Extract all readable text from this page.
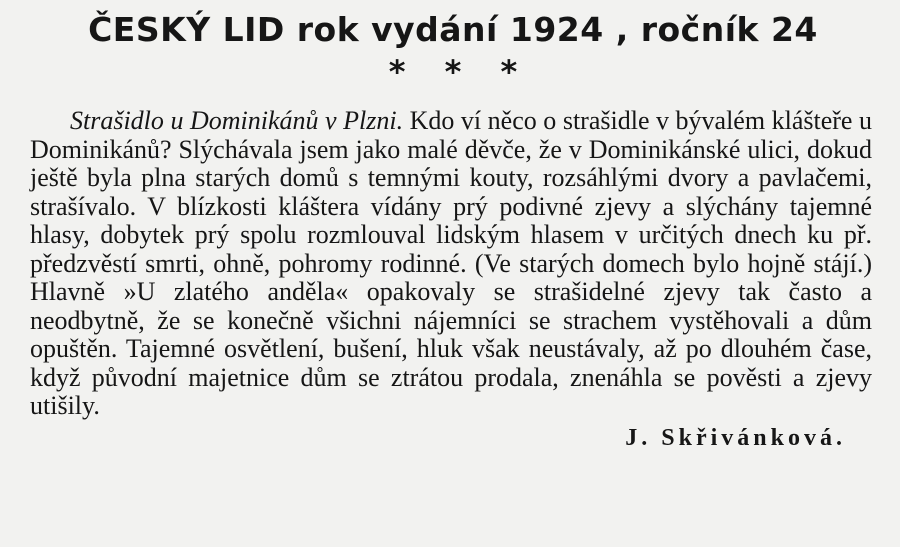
ČESKÝ LID rok vydání 1924 , ročník 24
* * *
Strašidlo u Dominikánů v Plzni. Kdo ví něco o strašidle v bývalém klášteře u Dominikánů? Slýchávala jsem jako malé děvče, že v Dominikánské ulici, dokud ještě byla plna starých domů s temnými kouty, rozsáhlými dvory a pavlačemi, strašívalo. V blízkosti kláštera vídány prý podivné zjevy a slýchány tajemné hlasy, dobytek prý spolu rozmlouval lidským hlasem v určitých dnech ku př. předzvěstí smrti, ohně, pohromy rodinné. (Ve starých domech bylo hojně stájí.) Hlavně »U zlatého anděla« opakovaly se strašidelné zjevy tak často a neodbytně, že se konečně všichni nájemníci se strachem vystěhovali a dům opuštěn. Tajemné osvětlení, bušení, hluk však neustávaly, až po dlouhém čase, když původní majetnice dům se ztrátou prodala, znenáhla se pověsti a zjevy utišily.
J. Skřivánková.
